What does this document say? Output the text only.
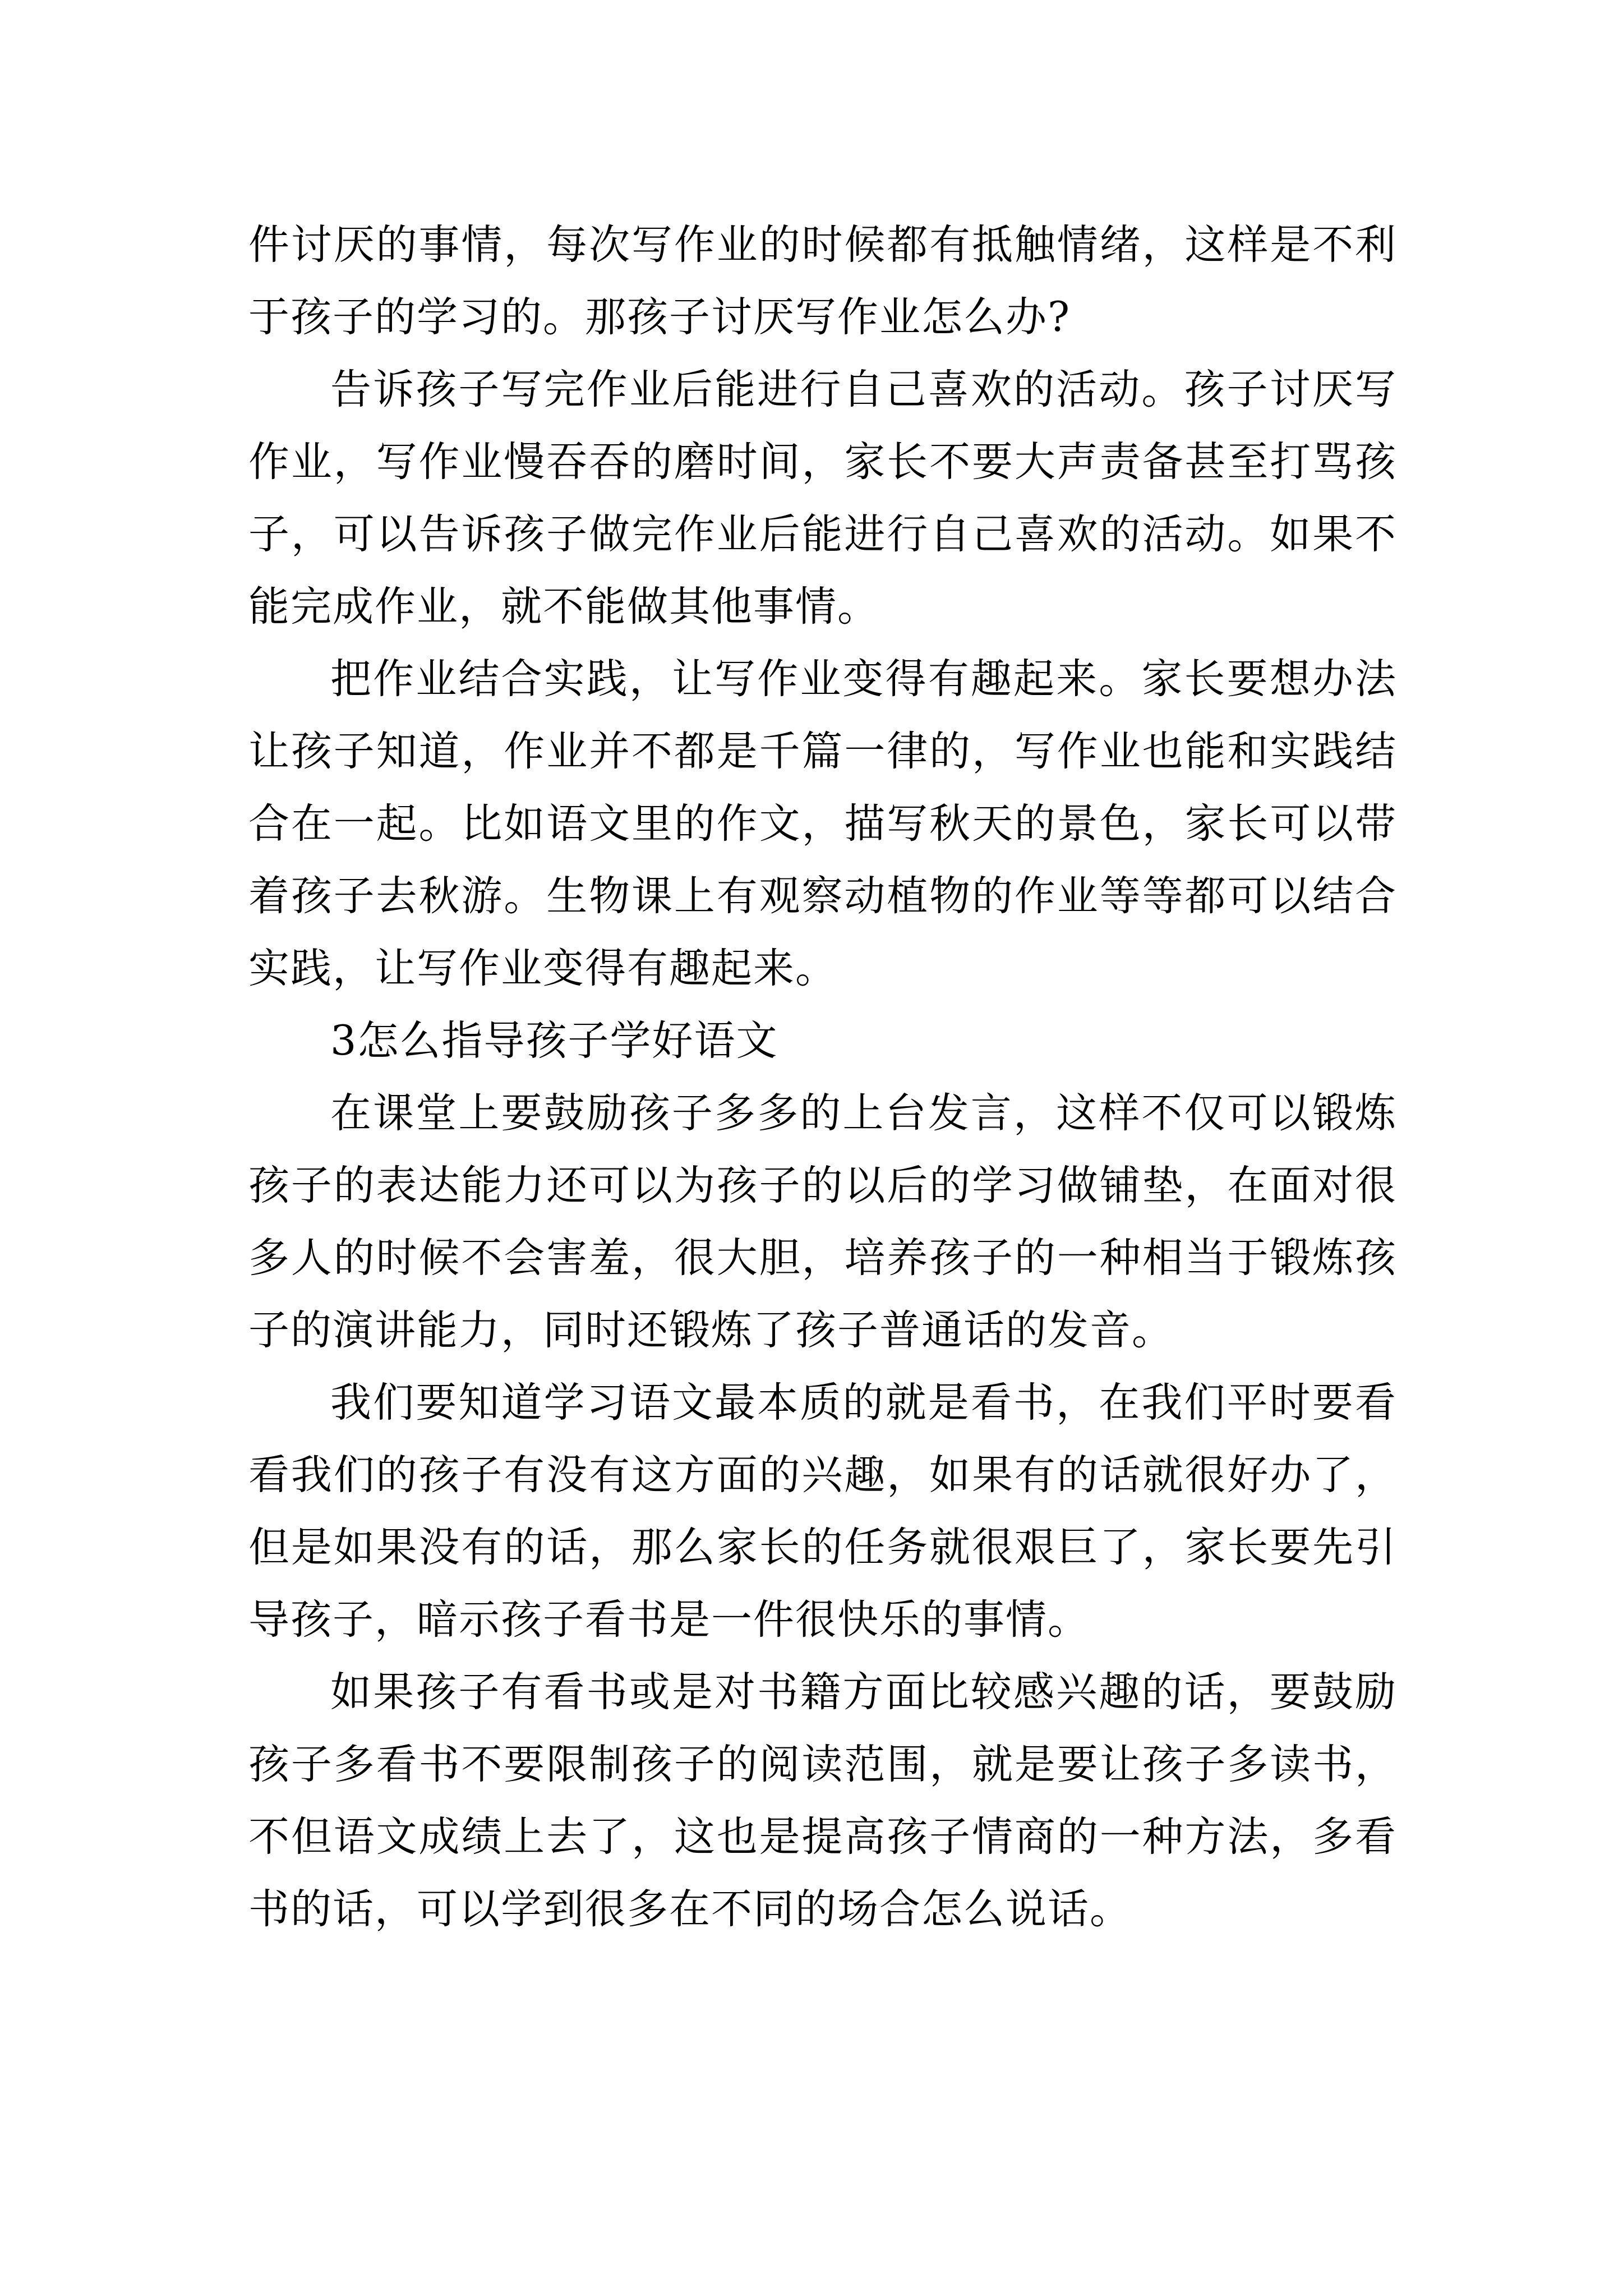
件讨厌的事情，每次写作业的时候都有抵触情绪，这样是不利于孩子的学习的。那孩子讨厌写作业怎么办?

告诉孩子写完作业后能进行自己喜欢的活动。孩子讨厌写作业，写作业慢吞吞的磨时间，家长不要大声责备甚至打骂孩子，可以告诉孩子做完作业后能进行自己喜欢的活动。如果不能完成作业，就不能做其他事情。

把作业结合实践，让写作业变得有趣起来。家长要想办法让孩子知道，作业并不都是千篇一律的，写作业也能和实践结合在一起。比如语文里的作文，描写秋天的景色，家长可以带着孩子去秋游。生物课上有观察动植物的作业等等都可以结合实践，让写作业变得有趣起来。

3怎么指导孩子学好语文

在课堂上要鼓励孩子多多的上台发言，这样不仅可以锻炼孩子的表达能力还可以为孩子的以后的学习做铺垫，在面对很多人的时候不会害羞，很大胆，培养孩子的一种相当于锻炼孩子的演讲能力，同时还锻炼了孩子普通话的发音。

我们要知道学习语文最本质的就是看书，在我们平时要看看我们的孩子有没有这方面的兴趣，如果有的话就很好办了，但是如果没有的话，那么家长的任务就很艰巨了，家长要先引导孩子，暗示孩子看书是一件很快乐的事情。

如果孩子有看书或是对书籍方面比较感兴趣的话，要鼓励孩子多看书不要限制孩子的阅读范围，就是要让孩子多读书，不但语文成绩上去了，这也是提高孩子情商的一种方法，多看书的话，可以学到很多在不同的场合怎么说话。
